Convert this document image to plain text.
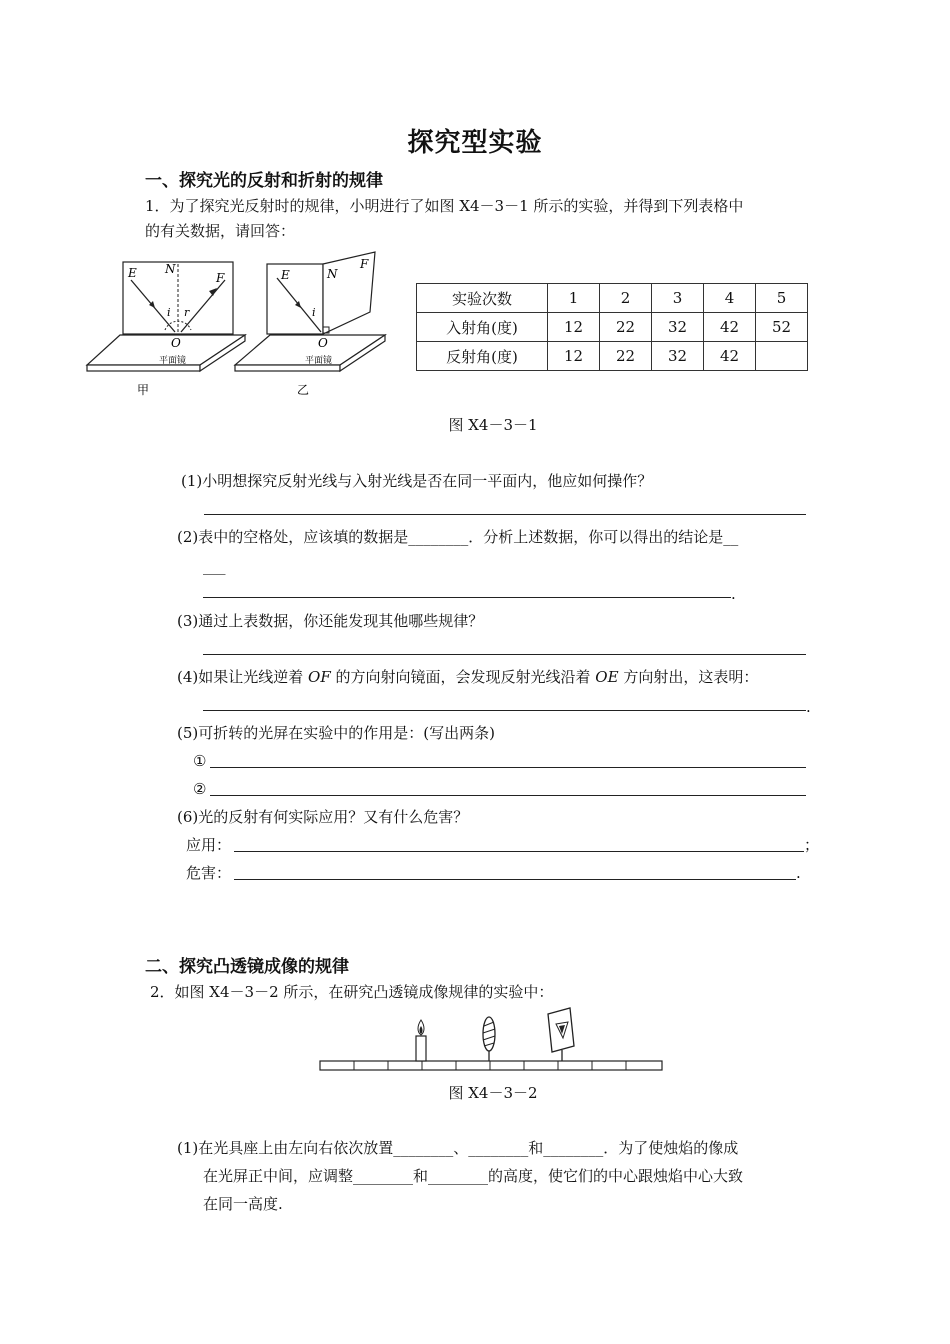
探究型实验
一、探究光的反射和折射的规律
1．为了探究光反射时的规律，小明进行了如图 X4－3－1 所示的实验，并得到下列表格中
的有关数据，请回答：
E N
F
i r
O
平面镜
甲
E	N
F
i
O
平面镜
乙
实验次数	1	2	3	4	5
入射角(度)	12	22	32	42	52
反射角(度)	12	22	32	42	
图 X4－3－1
(1)小明想探究反射光线与入射光线是否在同一平面内，他应如何操作？
(2)表中的空格处，应该填的数据是________．分析上述数据，你可以得出的结论是__
___
.
(3)通过上表数据，你还能发现其他哪些规律？
(4)如果让光线逆着 OF 的方向射向镜面，会发现反射光线沿着 OE 方向射出，这表明：
.
(5)可折转的光屏在实验中的作用是：(写出两条)
①
②
(6)光的反射有何实际应用？又有什么危害？
应用：	；
危害：	.
二、探究凸透镜成像的规律
2．如图 X4－3－2 所示，在研究凸透镜成像规律的实验中：
图 X4－3－2
(1)在光具座上由左向右依次放置________、________和________．为了使烛焰的像成
在光屏正中间，应调整________和________的高度，使它们的中心跟烛焰中心大致
在同一高度.
